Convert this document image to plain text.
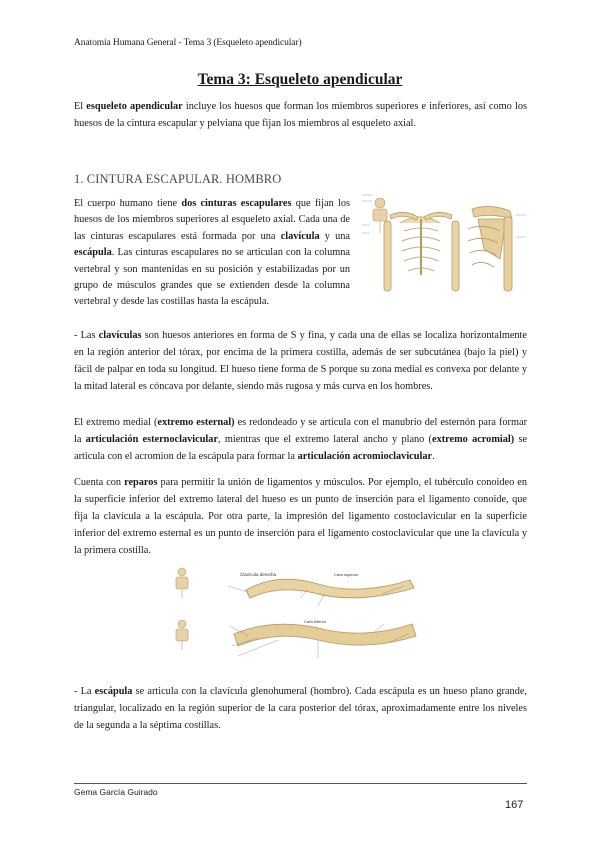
Anatomía Humana General - Tema 3 (Esqueleto apendicular)
Tema 3: Esqueleto apendicular

El esqueleto apendicular incluye los huesos que forman los miembros superiores e inferiores, así como los huesos de la cintura escapular y pelviana que fijan los miembros al esqueleto axial.

1. CINTURA ESCAPULAR. HOMBRO

El cuerpo humano tiene dos cinturas escapulares que fijan los huesos de los miembros superiores al esqueleto axial. Cada una de las cinturas escapulares está formada por una clavícula y una escápula. Las cinturas escapulares no se articulan con la columna vertebral y son mantenidas en su posición y estabilizadas por un grupo de músculos grandes que se extienden desde la columna vertebral y desde las costillas hasta la escápula.

- Las clavículas son huesos anteriores en forma de S y fina, y cada una de ellas se localiza horizontalmente en la región anterior del tórax, por encima de la primera costilla, además de ser subcutánea (bajo la piel) y fácil de palpar en toda su longitud. El hueso tiene forma de S porque su zona medial es convexa por delante y la mitad lateral es cóncava por delante, siendo más rugosa y más curva en los hombres.

El extremo medial (extremo esternal) es redondeado y se articula con el manubrio del esternón para formar la articulación esternoclavicular, mientras que el extremo lateral ancho y plano (extremo acromial) se articula con el acromion de la escápula para formar la articulación acromioclavicular.

Cuenta con reparos para permitir la unión de ligamentos y músculos. Por ejemplo, el tubérculo conoideo en la superficie inferior del extremo lateral del hueso es un punto de inserción para el ligamento conoide, que fija la clavícula a la escápula. Por otra parte, la impresión del ligamento costoclavicular en la superficie inferior del extremo esternal es un punto de inserción para el ligamento costoclavicular que une la clavícula y la primera costilla.

Clavícula derecha	Cara superior
Cara inferior

- La escápula se articula con la clavícula glenohumeral (hombro). Cada escápula es un hueso plano grande, triangular, localizado en la región superior de la cara posterior del tórax, aproximadamente entre los niveles de la segunda a la séptima costillas.

Gema García Guirado
167
